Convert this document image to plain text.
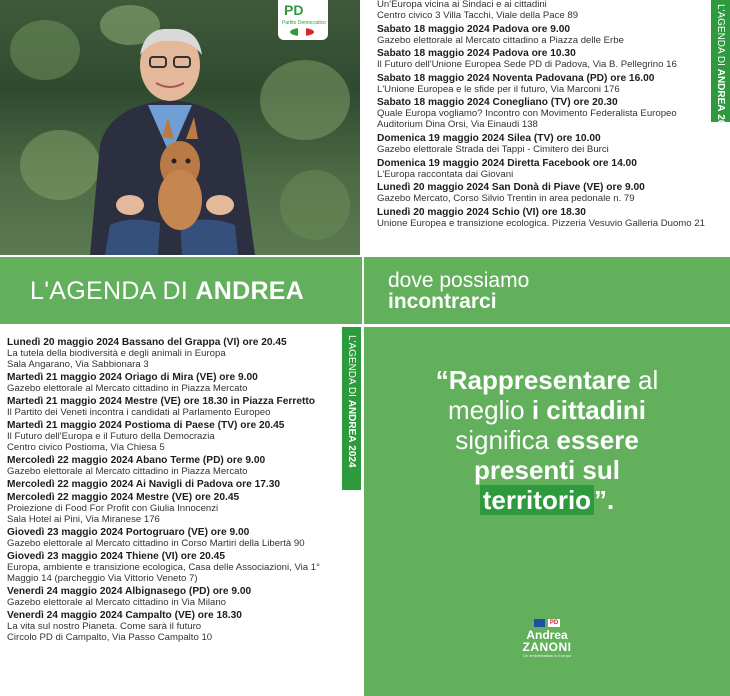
PD
Partito Democratico
Un'Europa vicina ai Sindaci e ai cittadini
Centro civico 3 Villa Tacchi, Viale della Pace 89
Sabato 18 maggio 2024 Padova ore 9.00
Gazebo elettorale al Mercato cittadino a Piazza delle Erbe
Sabato 18 maggio 2024 Padova ore 10.30
Il Futuro dell'Unione Europea Sede PD di Padova, Via B. Pellegrino 16
Sabato 18 maggio 2024 Noventa Padovana (PD) ore 16.00
L'Unione Europea e le sfide per il futuro, Via Marconi 176
Sabato 18 maggio 2024 Conegliano (TV) ore 20.30
Quale Europa vogliamo? Incontro con Movimento Federalista Europeo
Auditorium Dina Orsi, Via Einaudi 138
Domenica 19 maggio 2024 Silea (TV) ore 10.00
Gazebo elettorale Strada dei Tappi - Cimitero dei Burci
Domenica 19 maggio 2024 Diretta Facebook ore 14.00
L'Europa raccontata dai Giovani
Lunedì 20 maggio 2024 San Donà di Piave (VE) ore 9.00
Gazebo Mercato, Corso Silvio Trentin in area pedonale n. 79
Lunedì 20 maggio 2024 Schio (VI) ore 18.30
Unione Europea e transizione ecologica. Pizzeria Vesuvio Galleria Duomo 21
L'AGENDA DI ANDREA 2024
L'AGENDA DI ANDREA	dove possiamo
incontrarci
Lunedì 20 maggio 2024 Bassano del Grappa (VI) ore 20.45
La tutela della biodiversità e degli animali in Europa
Sala Angarano, Via Sabbionara 3
Martedì 21 maggio 2024 Oriago di Mira (VE) ore 9.00
Gazebo elettorale al Mercato cittadino in Piazza Mercato
Martedì 21 maggio 2024 Mestre (VE) ore 18.30 in Piazza Ferretto
Il Partito dei Veneti incontra i candidati al Parlamento Europeo
Martedì 21 maggio 2024 Postioma di Paese (TV) ore 20.45
Il Futuro dell'Europa e il Futuro della Democrazia
Centro civico Postioma, Via Chiesa 5
Mercoledì 22 maggio 2024 Abano Terme (PD) ore 9.00
Gazebo elettorale al Mercato cittadino in Piazza Mercato
Mercoledì 22 maggio 2024 Ai Navigli di Padova ore 17.30
Mercoledì 22 maggio 2024 Mestre (VE) ore 20.45
Proiezione di Food For Profit con Giulia Innocenzi
Sala Hotel ai Pini, Via Miranese 176
Giovedì 23 maggio 2024 Portogruaro (VE) ore 9.00
Gazebo elettorale al Mercato cittadino in Corso Martiri della Libertà 90
Giovedì 23 maggio 2024 Thiene (VI) ore 20.45
Europa, ambiente e transizione ecologica, Casa delle Associazioni, Via 1°
Maggio 14 (parcheggio Via Vittorio Veneto 7)
Venerdì 24 maggio 2024 Albignasego (PD) ore 9.00
Gazebo elettorale al Mercato cittadino in Via Milano
Venerdì 24 maggio 2024 Campalto (VE) ore 18.30
La vita sul nostro Pianeta. Come sarà il futuro
Circolo PD di Campalto, Via Passo Campalto 10
L'AGENDA DI ANDREA 2024
“Rappresentare al
meglio i cittadini
significa essere
presenti sul
territorio ”.
PD
Andrea
ZANONI
Un ambientalista in Europa
